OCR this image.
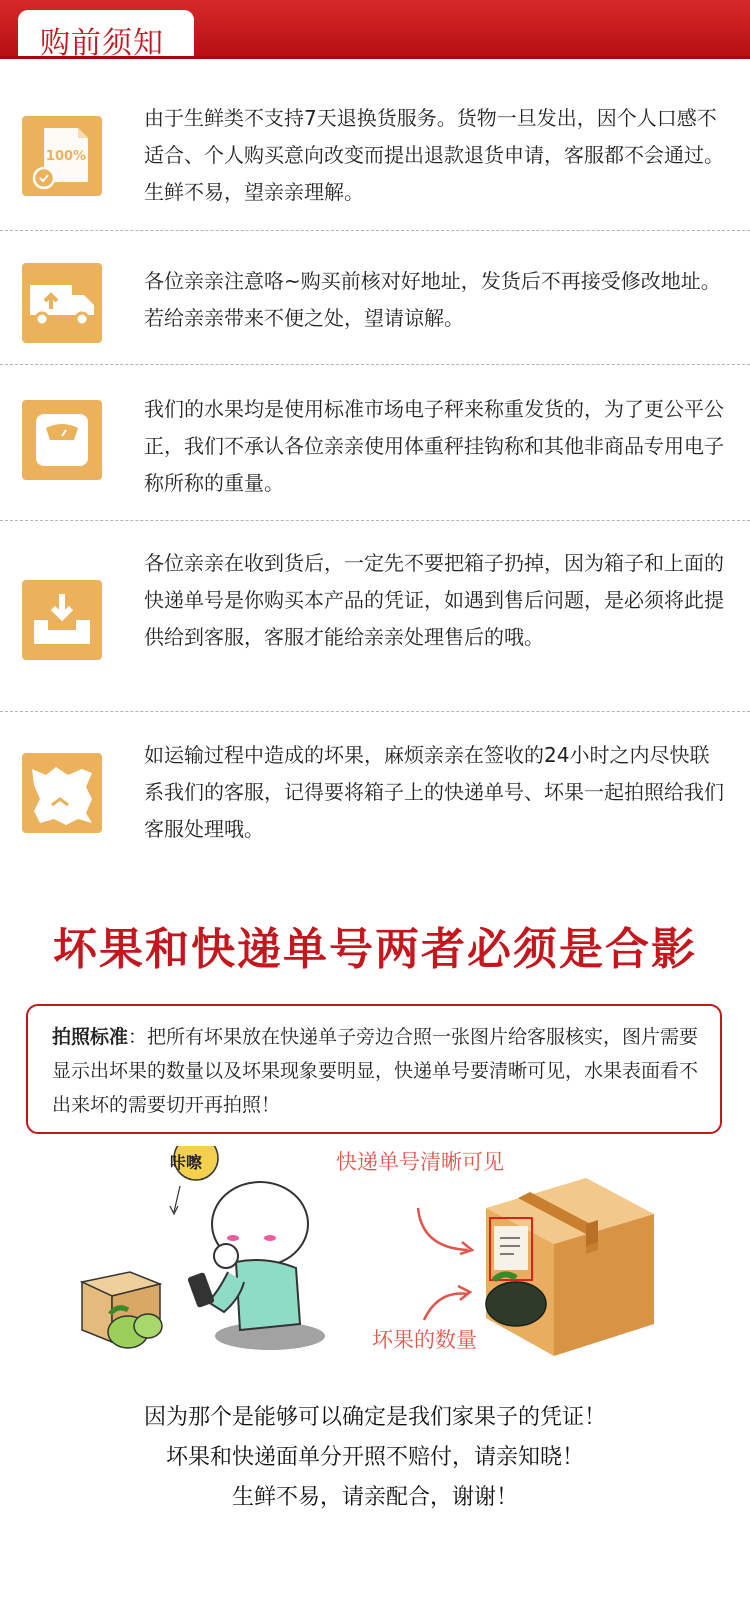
购前须知
100%
由于生鲜类不支持7天退换货服务。货物一旦发出，因个人口感不适合、个人购买意向改变而提出退款退货申请，客服都不会通过。生鲜不易，望亲亲理解。
各位亲亲注意咯~购买前核对好地址，发货后不再接受修改地址。若给亲亲带来不便之处，望请谅解。
我们的水果均是使用标准市场电子秤来称重发货的，为了更公平公正，我们不承认各位亲亲使用体重秤挂钩称和其他非商品专用电子称所称的重量。
各位亲亲在收到货后，一定先不要把箱子扔掉，因为箱子和上面的快递单号是你购买本产品的凭证，如遇到售后问题，是必须将此提供给到客服，客服才能给亲亲处理售后的哦。
如运输过程中造成的坏果，麻烦亲亲在签收的24小时之内尽快联系我们的客服，记得要将箱子上的快递单号、坏果一起拍照给我们客服处理哦。
坏果和快递单号两者必须是合影
拍照标准：把所有坏果放在快递单子旁边合照一张图片给客服核实，图片需要显示出坏果的数量以及坏果现象要明显，快递单号要清晰可见，水果表面看不出来坏的需要切开再拍照！
咔嚓	快递单号清晰可见
坏果的数量
因为那个是能够可以确定是我们家果子的凭证！
坏果和快递面单分开照不赔付，请亲知晓！
生鲜不易，请亲配合，谢谢！
